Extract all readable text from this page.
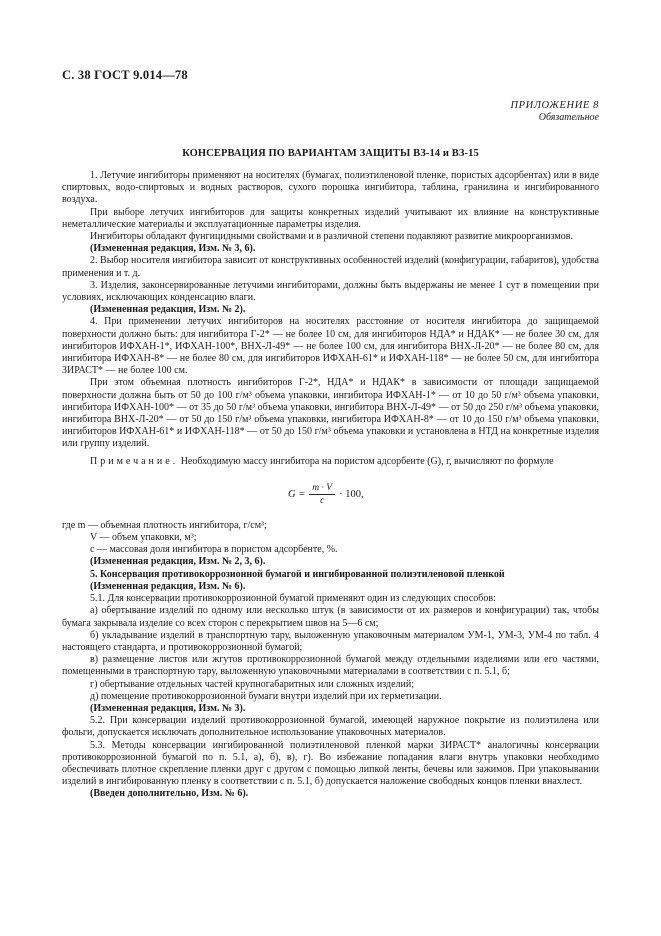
С. 38 ГОСТ 9.014—78
ПРИЛОЖЕНИЕ 8
Обязательное
КОНСЕРВАЦИЯ ПО ВАРИАНТАМ ЗАЩИТЫ ВЗ-14 и ВЗ-15

1. Летучие ингибиторы применяют на носителях (бумагах, полиэтиленовой пленке, пористых адсорбентах) или в виде спиртовых, водо-спиртовых и водных растворов, сухого порошка ингибитора, таблина, гранилина и ингибированного воздуха.

При выборе летучих ингибиторов для защиты конкретных изделий учитывают их влияние на конструктивные неметаллические материалы и эксплуатационные параметры изделия.

Ингибиторы обладают фунгицидными свойствами и в различной степени подавляют развитие микроорганизмов.

(Измененная редакция, Изм. № 3, 6).

2. Выбор носителя ингибитора зависит от конструктивных особенностей изделий (конфигурации, габаритов), удобства применения и т. д.

3. Изделия, законсервированные летучими ингибиторами, должны быть выдержаны не менее 1 сут в помещении при условиях, исключающих конденсацию влаги.

(Измененная редакция, Изм. № 2).

4. При применении летучих ингибиторов на носителях расстояние от носителя ингибитора до защищаемой поверхности должно быть: для ингибитора Г-2* — не более 10 см, для ингибиторов НДА* и НДАК* — не более 30 см, для ингибиторов ИФХАН-1*, ИФХАН-100*, ВНХ-Л-49* — не более 100 см, для ингибитора ВНХ-Л-20* — не более 80 см, для ингибитора ИФХАН-8* — не более 80 см, для ингибиторов ИФХАН-61* и ИФХАН-118* — не более 50 см, для ингибитора ЗИРАСТ* — не более 100 см.

При этом объемная плотность ингибиторов Г-2*, НДА* и НДАК* в зависимости от площади защищаемой поверхности должна быть от 50 до 100 г/м³ объема упаковки, ингибитора ИФХАН-1* — от 10 до 50 г/м³ объема упаковки, ингибитора ИФХАН-100* — от 35 до 50 г/м³ объема упаковки, ингибитора ВНХ-Л-49* — от 50 до 250 г/м³ объема упаковки, ингибитора ВНХ-Л-20* — от 50 до 150 г/м³ объема упаковки, ингибитора ИФХАН-8* — от 10 до 150 г/м³ объема упаковки, ингибиторов ИФХАН-61* и ИФХАН-118* — от 50 до 150 г/м³ объема упаковки и установлена в НТД на конкретные изделия или группу изделий.

Примечание. Необходимую массу ингибитора на пористом адсорбенте (G), г, вычисляют по формуле

$G = \frac{m \cdot V}{c} \cdot 100$,

где m — объемная плотность ингибитора, г/см³;

V — объем упаковки, м³;

c — массовая доля ингибитора в пористом адсорбенте, %.

(Измененная редакция, Изм. № 2, 3, 6).

5. Консервация противокоррозионной бумагой и ингибированной полиэтиленовой пленкой

(Измененная редакция, Изм. № 6).

5.1. Для консервации противокоррозионной бумагой применяют один из следующих способов:

а) обертывание изделий по одному или несколько штук (в зависимости от их размеров и конфигурации) так, чтобы бумага закрывала изделие со всех сторон с перекрытием швов на 5—6 см;

б) укладывание изделий в транспортную тару, выложенную упаковочным материалом УМ-1, УМ-3, УМ-4 по табл. 4 настоящего стандарта, и противокоррозионной бумагой;

в) размещение листов или жгутов противокоррозионной бумагой между отдельными изделиями или его частями, помещенными в транспортную тару, выложенную упаковочными материалами в соответствии с п. 5.1, б;

г) обертывание отдельных частей крупногабаритных или сложных изделий;

д) помещение противокоррозионной бумаги внутри изделий при их герметизации.

(Измененная редакция, Изм. № 3).

5.2. При консервации изделий противокоррозионной бумагой, имеющей наружное покрытие из полиэтилена или фольги, допускается исключать дополнительное использование упаковочных материалов.

5.3. Методы консервации ингибированной полиэтиленовой пленкой марки ЗИРАСТ* аналогичны консервации противокоррозионной бумагой по п. 5.1, а), б), в), г). Во избежание попадания влаги внутрь упаковки необходимо обеспечивать плотное скрепление пленки друг с другом с помощью липкой ленты, бечевы или зажимов. При упаковывании изделий в ингибированную пленку в соответствии с п. 5.1, б) допускается наложение свободных концов пленки внахлест.

(Введен дополнительно, Изм. № 6).
